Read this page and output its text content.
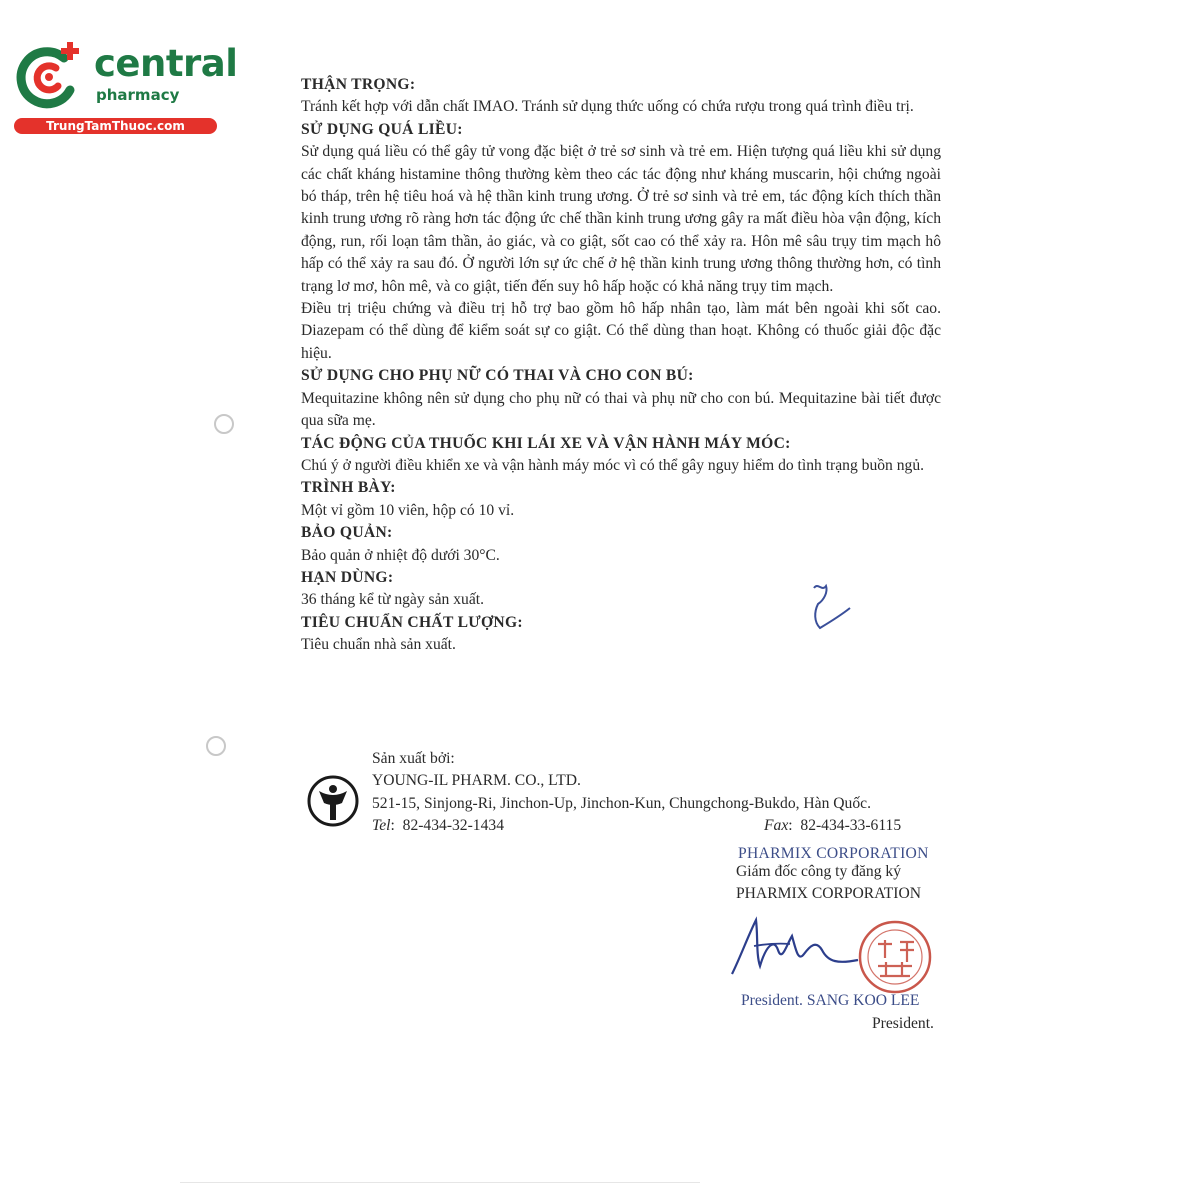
central
pharmacy
TrungTamThuoc.com
THẬN TRỌNG:

Tránh kết hợp với dẫn chất IMAO. Tránh sử dụng thức uống có chứa rượu trong quá trình điều trị.

SỬ DỤNG QUÁ LIỀU:

Sử dụng quá liều có thể gây tử vong đặc biệt ở trẻ sơ sinh và trẻ em. Hiện tượng quá liều khi sử dụng các chất kháng histamine thông thường kèm theo các tác động như kháng muscarin, hội chứng ngoài bó tháp, trên hệ tiêu hoá và hệ thần kinh trung ương. Ở trẻ sơ sinh và trẻ em, tác động kích thích thần kinh trung ương rõ ràng hơn tác động ức chế thần kinh trung ương gây ra mất điều hòa vận động, kích động, run, rối loạn tâm thần, ảo giác, và co giật, sốt cao có thể xảy ra. Hôn mê sâu trụy tim mạch hô hấp có thể xảy ra sau đó. Ở người lớn sự ức chế ở hệ thần kinh trung ương thông thường hơn, có tình trạng lơ mơ, hôn mê, và co giật, tiến đến suy hô hấp hoặc có khả năng trụy tim mạch.

Điều trị triệu chứng và điều trị hỗ trợ bao gồm hô hấp nhân tạo, làm mát bên ngoài khi sốt cao. Diazepam có thể dùng để kiểm soát sự co giật. Có thể dùng than hoạt. Không có thuốc giải độc đặc hiệu.

SỬ DỤNG CHO PHỤ NỮ CÓ THAI VÀ CHO CON BÚ:

Mequitazine không nên sử dụng cho phụ nữ có thai và phụ nữ cho con bú. Mequitazine bài tiết được qua sữa mẹ.

TÁC ĐỘNG CỦA THUỐC KHI LÁI XE VÀ VẬN HÀNH MÁY MÓC:

Chú ý ở người điều khiển xe và vận hành máy móc vì có thể gây nguy hiểm do tình trạng buồn ngủ.

TRÌNH BÀY:

Một vỉ gồm 10 viên, hộp có 10 vỉ.

BẢO QUẢN:

Bảo quản ở nhiệt độ dưới 30°C.

HẠN DÙNG:

36 tháng kể từ ngày sản xuất.

TIÊU CHUẨN CHẤT LƯỢNG:

Tiêu chuẩn nhà sản xuất.

Sản xuất bởi:
YOUNG-IL PHARM. CO., LTD.
521-15, Sinjong-Ri, Jinchon-Up, Jinchon-Kun, Chungchong-Bukdo, Hàn Quốc.
Tel:  82-434-32-1434	Fax:  82-434-33-6115
PHARMIX CORPORATION
Giám đốc công ty đăng ký
PHARMIX CORPORATION
President. SANG KOO LEE
President.
